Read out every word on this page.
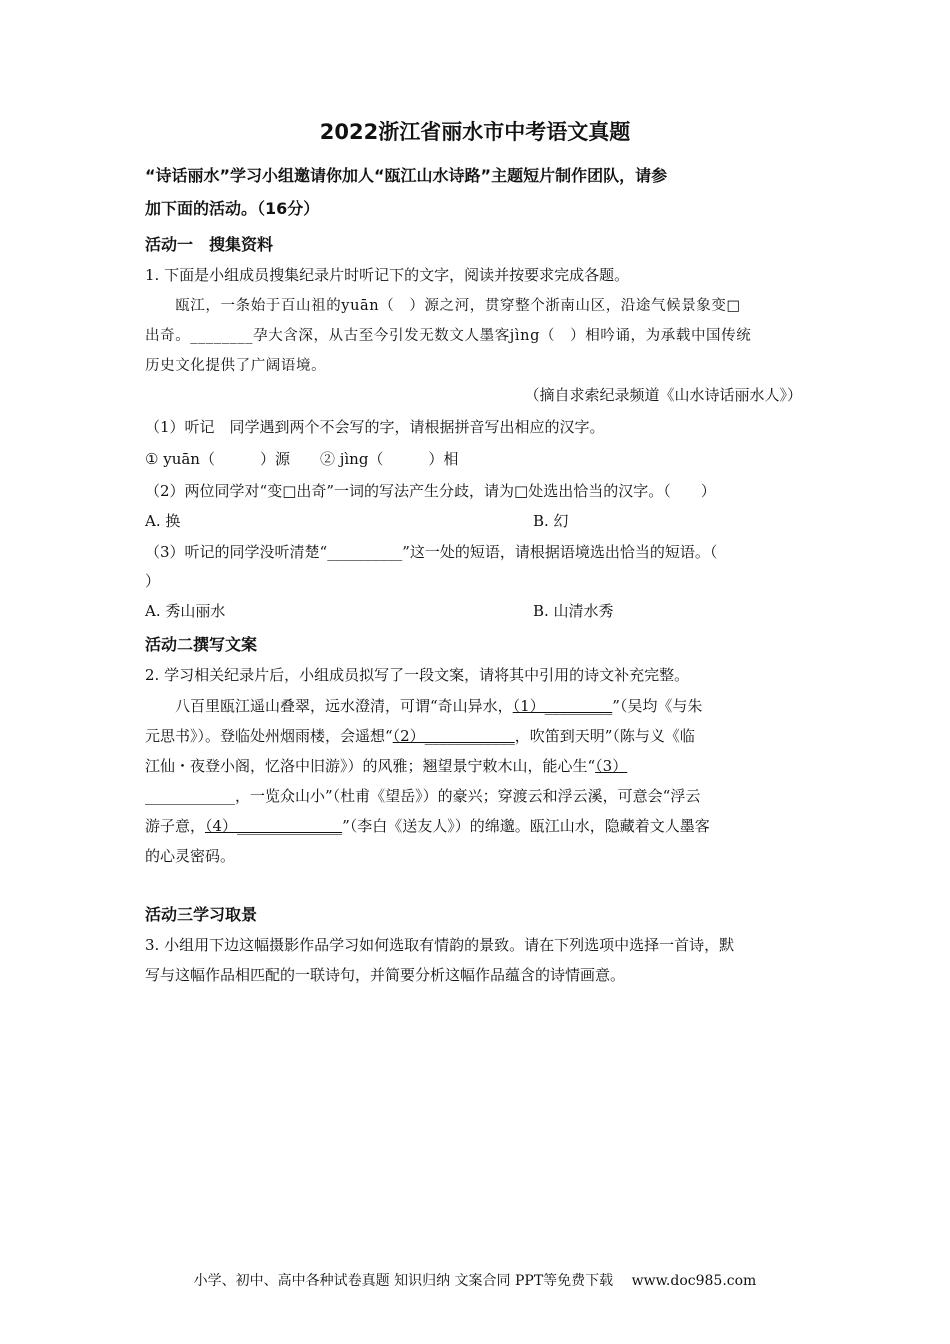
2022浙江省丽水市中考语文真题
“诗话丽水”学习小组邀请你加人“瓯江山水诗路”主题短片制作团队，请参
加下面的活动。（16分）
活动一　搜集资料
1. 下面是小组成员搜集纪录片时听记下的文字，阅读并按要求完成各题。
　　瓯江，一条始于百山祖的yuān（　）源之河，贯穿整个浙南山区，沿途气候景象变□
出奇。________孕大含深，从古至今引发无数文人墨客jìng（　）相吟诵，为承载中国传统
历史文化提供了广阔语境。
（摘自求索纪录频道《山水诗话丽水人》）
（1）听记　同学遇到两个不会写的字，请根据拼音写出相应的汉字。
① yuān（　　　）源　　② jìng（　　　）相
（2）两位同学对“变□出奇”一词的写法产生分歧，请为□处选出恰当的汉字。（　　）
A. 换	B. 幻
（3）听记的同学没听清楚“__________”这一处的短语，请根据语境选出恰当的短语。（
）
A. 秀山丽水	B. 山清水秀
活动二撰写文案
2. 学习相关纪录片后，小组成员拟写了一段文案，请将其中引用的诗文补充完整。
　　八百里瓯江遥山叠翠，远水澄清，可谓“奇山异水，（1）_________”（吴均《与朱
元思书》）。登临处州烟雨楼，会遥想“（2）____________，吹笛到天明”（陈与义《临
江仙・夜登小阁，忆洛中旧游》）的风雅；翘望景宁敕木山，能心生“（3）
____________，一览众山小”（杜甫《望岳》）的豪兴；穿渡云和浮云溪，可意会“浮云
游子意，（4）______________”（李白《送友人》）的绵邈。瓯江山水，隐藏着文人墨客
的心灵密码。
活动三学习取景
3. 小组用下边这幅摄影作品学习如何选取有情韵的景致。请在下列选项中选择一首诗，默
写与这幅作品相匹配的一联诗句，并简要分析这幅作品蕴含的诗情画意。
小学、初中、高中各种试卷真题 知识归纳 文案合同 PPT等免费下载　 www.doc985.com
